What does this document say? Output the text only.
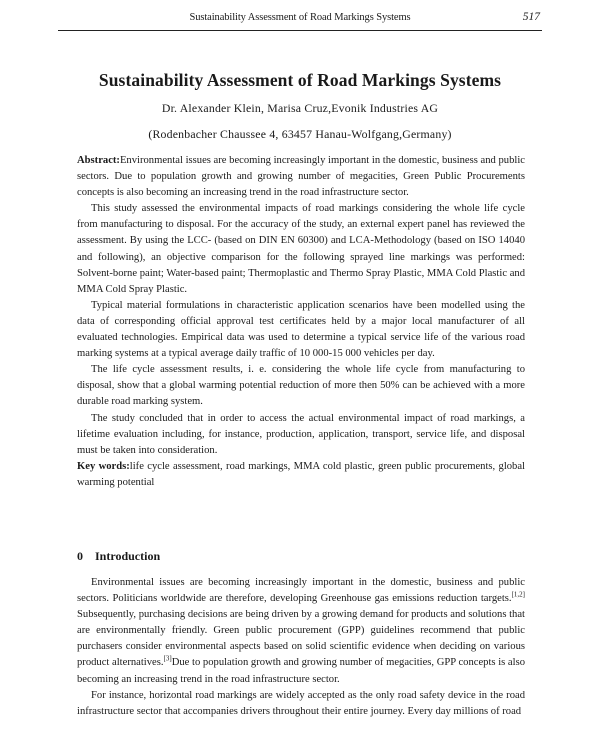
Sustainability Assessment of Road Markings Systems	517
Sustainability Assessment of Road Markings Systems
Dr. Alexander Klein, Marisa Cruz,Evonik Industries AG
(Rodenbacher Chaussee 4, 63457 Hanau-Wolfgang,Germany)

Abstract:Environmental issues are becoming increasingly important in the domestic, business and public sectors. Due to population growth and growing number of megacities, Green Public Procurements concepts is also becoming an increasing trend in the road infrastructure sector.

This study assessed the environmental impacts of road markings considering the whole life cycle from manufacturing to disposal. For the accuracy of the study, an external expert panel has reviewed the assessment. By using the LCC- (based on DIN EN 60300) and LCA-Methodology (based on ISO 14040 and following), an objective comparison for the following sprayed line markings was performed: Solvent-borne paint; Water-based paint; Thermoplastic and Thermo Spray Plastic, MMA Cold Plastic and MMA Cold Spray Plastic.

Typical material formulations in characteristic application scenarios have been modelled using the data of corresponding official approval test certificates held by a major local manufacturer of all evaluated technologies. Empirical data was used to determine a typical service life of the various road marking systems at a typical average daily traffic of 10 000-15 000 vehicles per day.

The life cycle assessment results, i. e. considering the whole life cycle from manufacturing to disposal, show that a global warming potential reduction of more then 50% can be achieved with a more durable road marking system.

The study concluded that in order to access the actual environmental impact of road markings, a lifetime evaluation including, for instance, production, application, transport, service life, and disposal must be taken into consideration.

Key words:life cycle assessment, road markings, MMA cold plastic, green public procurements, global warming potential

0 Introduction

Environmental issues are becoming increasingly important in the domestic, business and public sectors. Politicians worldwide are therefore, developing Greenhouse gas emissions reduction targets.[1,2] Subsequently, purchasing decisions are being driven by a growing demand for products and solutions that are environmentally friendly. Green public procurement (GPP) guidelines recommend that public purchasers consider environmental aspects based on solid scientific evidence when deciding on various product alternatives.[3]Due to population growth and growing number of megacities, GPP concepts is also becoming an increasing trend in the road infrastructure sector.

For instance, horizontal road markings are widely accepted as the only road safety device in the road infrastructure sector that accompanies drivers throughout their entire journey. Every day millions of road
